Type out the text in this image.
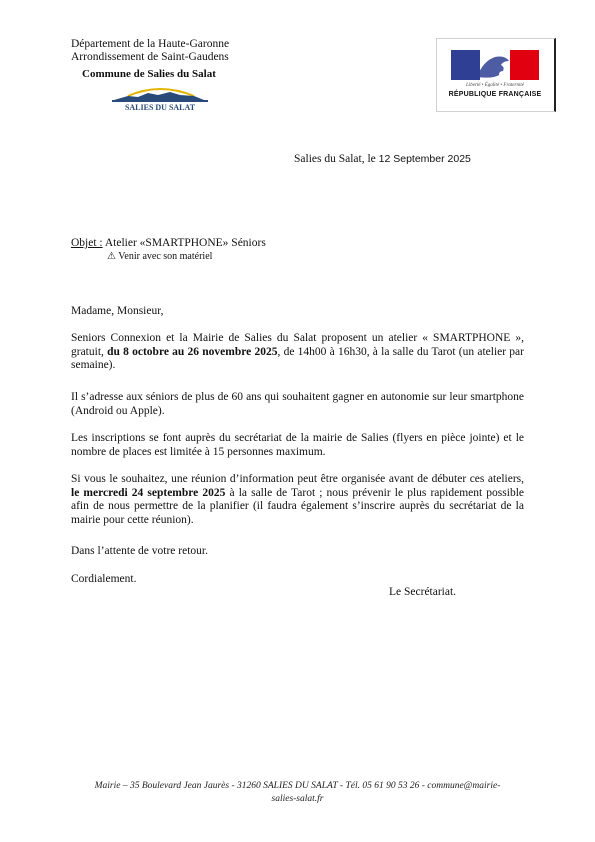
Département de la Haute-Garonne
Arrondissement de Saint-Gaudens
Commune de Salies du Salat
SALIES DU SALAT
Liberté • Égalité • Fraternité
RÉPUBLIQUE FRANÇAISE
Salies du Salat, le 12 September 2025
Objet : Atelier «SMARTPHONE» Séniors
⚠ Venir avec son matériel
Madame, Monsieur,
Seniors Connexion et la Mairie de Salies du Salat proposent un atelier « SMARTPHONE », gratuit, du 8 octobre au 26 novembre 2025, de 14h00 à 16h30, à la salle du Tarot (un atelier par semaine).
Il s’adresse aux séniors de plus de 60 ans qui souhaitent gagner en autonomie sur leur smartphone (Android ou Apple).
Les inscriptions se font auprès du secrétariat de la mairie de Salies (flyers en pièce jointe) et le nombre de places est limitée à 15 personnes maximum.
Si vous le souhaitez, une réunion d’information peut être organisée avant de débuter ces ateliers, le mercredi 24 septembre 2025 à la salle de Tarot ; nous prévenir le plus rapidement possible afin de nous permettre de la planifier (il faudra également s’inscrire auprès du secrétariat de la mairie pour cette réunion).
Dans l’attente de votre retour.
Cordialement.
Le Secrétariat.
Mairie – 35 Boulevard Jean Jaurès - 31260 SALIES DU SALAT - Tél. 05 61 90 53 26 - commune@mairie-
salies-salat.fr
